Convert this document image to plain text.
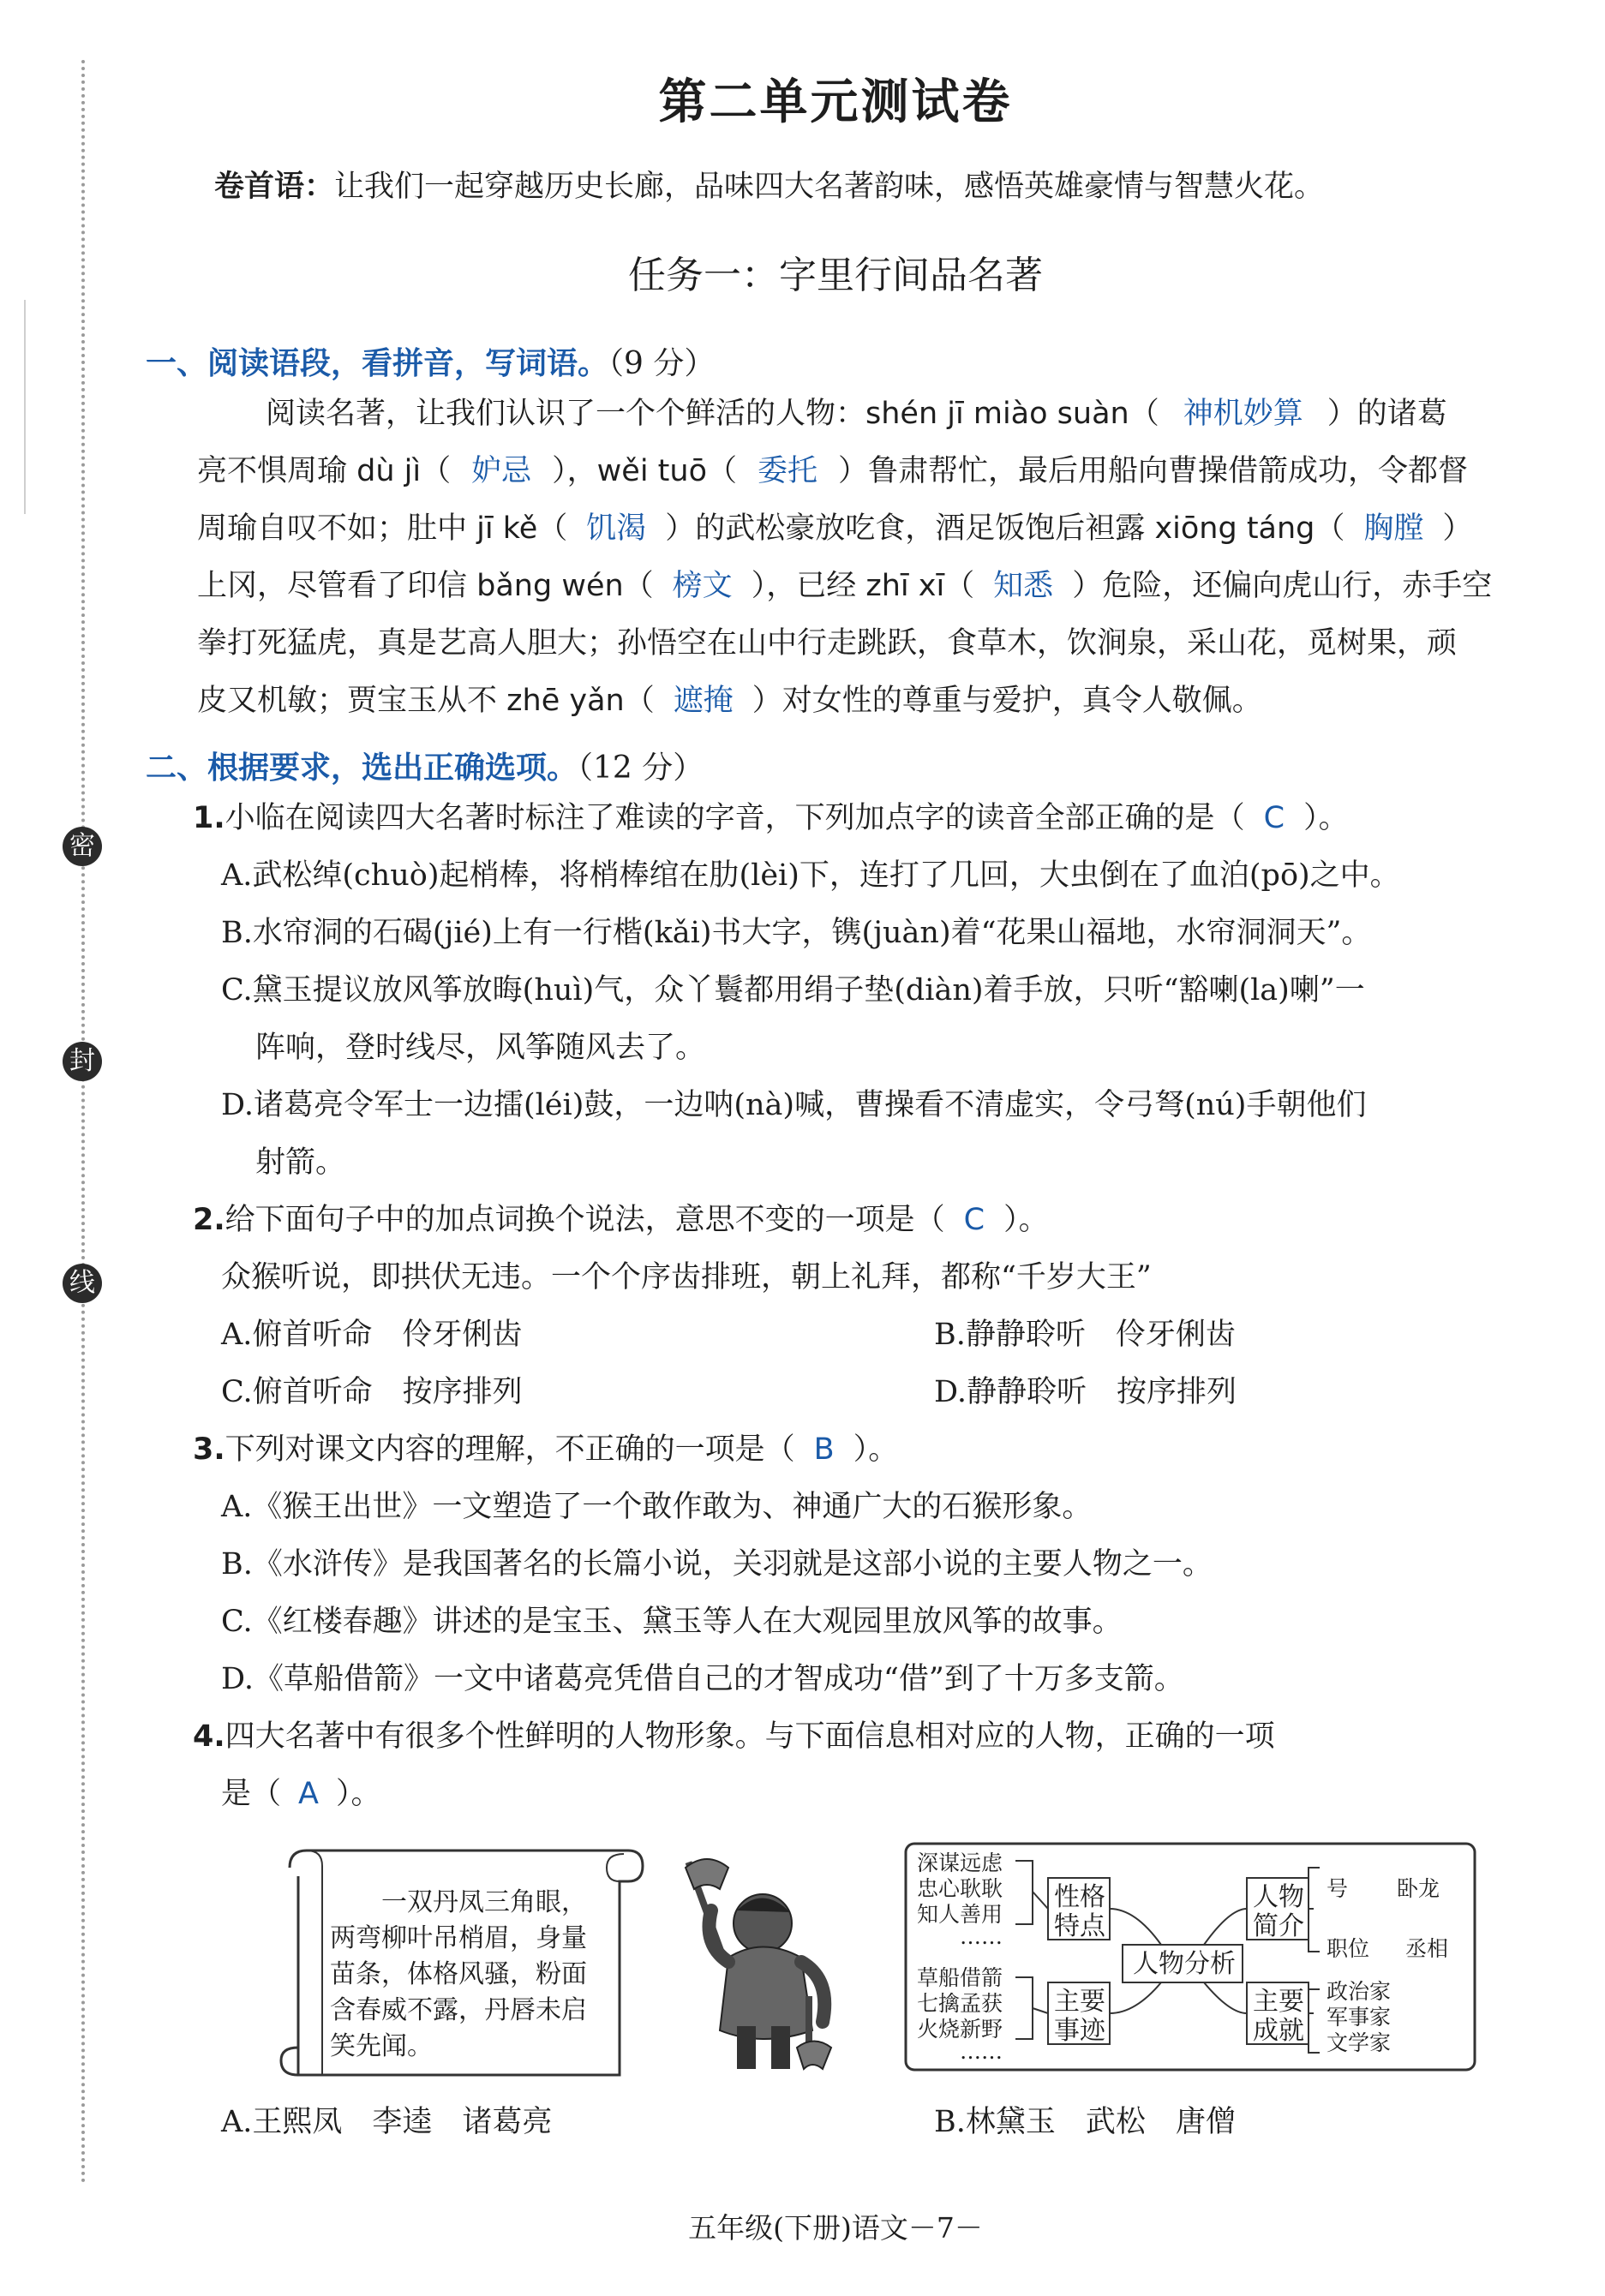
密
封
线
第二单元测试卷
卷首语：让我们一起穿越历史长廊，品味四大名著韵味，感悟英雄豪情与智慧火花。
任务一：字里行间品名著
一、阅读语段，看拼音，写词语。（9 分）
阅读名著，让我们认识了一个个鲜活的人物：shén jī miào suàn（ 神机妙算 ）的诸葛
亮不惧周瑜 dù jì（ 妒忌 ），wěi tuō（ 委托 ）鲁肃帮忙，最后用船向曹操借箭成功，令都督
周瑜自叹不如；肚中 jī kě（ 饥渴 ）的武松豪放吃食，酒足饭饱后袒露 xiōng táng（ 胸膛 ）
上冈，尽管看了印信 bǎng wén（ 榜文 ），已经 zhī xī（ 知悉 ）危险，还偏向虎山行，赤手空
拳打死猛虎，真是艺高人胆大；孙悟空在山中行走跳跃，食草木，饮涧泉，采山花，觅树果，顽
皮又机敏；贾宝玉从不 zhē yǎn（ 遮掩 ）对女性的尊重与爱护，真令人敬佩。
二、根据要求，选出正确选项。（12 分）
1.小临在阅读四大名著时标注了难读的字音，下列加点字的读音全部正确的是（ C ）。
A.武松绰(chuò)起梢棒，将梢棒绾在肋(lèi)下，连打了几回，大虫倒在了血泊(pō)之中。
B.水帘洞的石碣(jié)上有一行楷(kǎi)书大字，镌(juàn)着“花果山福地，水帘洞洞天”。
C.黛玉提议放风筝放晦(huì)气，众丫鬟都用绢子垫(diàn)着手放，只听“豁喇(la)喇”一
阵响，登时线尽，风筝随风去了。
D.诸葛亮令军士一边擂(léi)鼓，一边呐(nà)喊，曹操看不清虚实，令弓弩(nú)手朝他们
射箭。
2.给下面句子中的加点词换个说法，意思不变的一项是（ C ）。
众猴听说，即拱伏无违。一个个序齿排班，朝上礼拜，都称“千岁大王”
A.俯首听命　伶牙俐齿	B.静静聆听　伶牙俐齿
C.俯首听命　按序排列	D.静静聆听　按序排列
3.下列对课文内容的理解，不正确的一项是（ B ）。
A.《猴王出世》一文塑造了一个敢作敢为、神通广大的石猴形象。
B.《水浒传》是我国著名的长篇小说，关羽就是这部小说的主要人物之一。
C.《红楼春趣》讲述的是宝玉、黛玉等人在大观园里放风筝的故事。
D.《草船借箭》一文中诸葛亮凭借自己的才智成功“借”到了十万多支箭。
4.四大名著中有很多个性鲜明的人物形象。与下面信息相对应的人物，正确的一项
是（ A ）。
　　一双丹凤三角眼，
两弯柳叶吊梢眉，身量
苗条，体格风骚，粉面
含春威不露，丹唇未启
笑先闻。
深谋远虑
忠心耿耿
知人善用
……
性格
特点
草船借箭
七擒孟获
火烧新野
……
主要
事迹
人物分析
人物
简介
号 卧龙
职位 丞相
主要
成就
政治家
军事家
文学家
A.王熙凤　李逵　诸葛亮	B.林黛玉　武松　唐僧
五年级(下册)语文－7－
